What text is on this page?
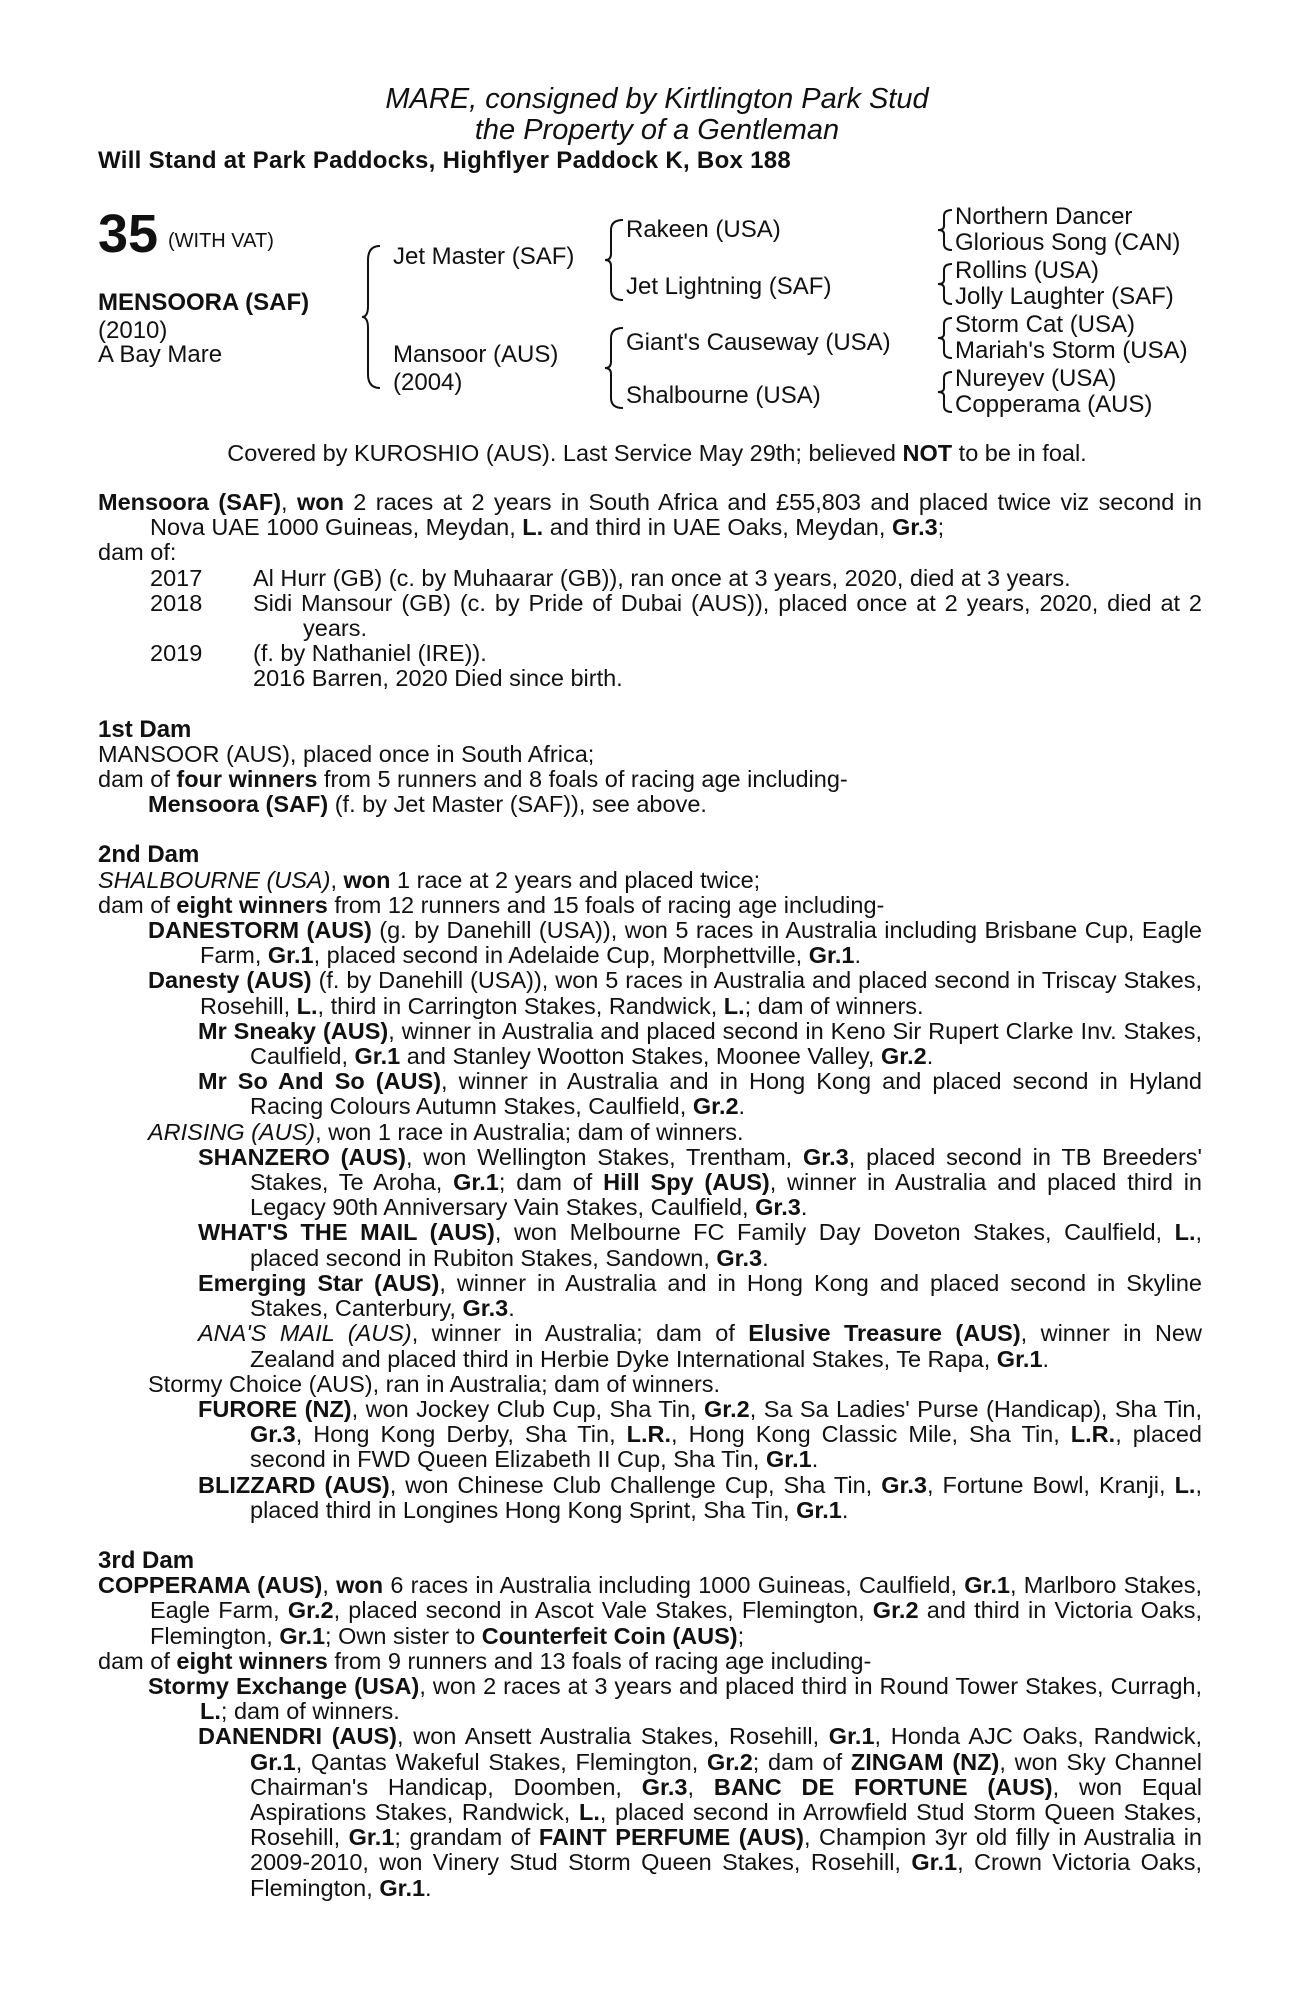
MARE, consigned by Kirtlington Park Stud
the Property of a Gentleman
Will Stand at Park Paddocks, Highflyer Paddock K, Box 188
35 (WITH VAT)
MENSOORA (SAF)
(2010)
A Bay Mare
Jet Master (SAF)
Mansoor (AUS)
(2004)
Rakeen (USA)
Jet Lightning (SAF)
Giant's Causeway (USA)
Shalbourne (USA)
Northern Dancer
Glorious Song (CAN)
Rollins (USA)
Jolly Laughter (SAF)
Storm Cat (USA)
Mariah's Storm (USA)
Nureyev (USA)
Copperama (AUS)
Covered by KUROSHIO (AUS). Last Service May 29th; believed NOT to be in foal.

Mensoora (SAF), won 2 races at 2 years in South Africa and £55,803 and placed twice viz second in Nova UAE 1000 Guineas, Meydan, L. and third in UAE Oaks, Meydan, Gr.3;

dam of:

2017	Al Hurr (GB) (c. by Muhaarar (GB)), ran once at 3 years, 2020, died at 3 years.
2018	Sidi Mansour (GB) (c. by Pride of Dubai (AUS)), placed once at 2 years, 2020, died at 2 years.
2019	(f. by Nathaniel (IRE)).
2016 Barren, 2020 Died since birth.

1st Dam

MANSOOR (AUS), placed once in South Africa;

dam of four winners from 5 runners and 8 foals of racing age including-

Mensoora (SAF) (f. by Jet Master (SAF)), see above.

2nd Dam

SHALBOURNE (USA), won 1 race at 2 years and placed twice;

dam of eight winners from 12 runners and 15 foals of racing age including-

DANESTORM (AUS) (g. by Danehill (USA)), won 5 races in Australia including Brisbane Cup, Eagle Farm, Gr.1, placed second in Adelaide Cup, Morphettville, Gr.1.

Danesty (AUS) (f. by Danehill (USA)), won 5 races in Australia and placed second in Triscay Stakes, Rosehill, L., third in Carrington Stakes, Randwick, L.; dam of winners.

Mr Sneaky (AUS), winner in Australia and placed second in Keno Sir Rupert Clarke Inv. Stakes, Caulfield, Gr.1 and Stanley Wootton Stakes, Moonee Valley, Gr.2.

Mr So And So (AUS), winner in Australia and in Hong Kong and placed second in Hyland Racing Colours Autumn Stakes, Caulfield, Gr.2.

ARISING (AUS), won 1 race in Australia; dam of winners.

SHANZERO (AUS), won Wellington Stakes, Trentham, Gr.3, placed second in TB Breeders' Stakes, Te Aroha, Gr.1; dam of Hill Spy (AUS), winner in Australia and placed third in Legacy 90th Anniversary Vain Stakes, Caulfield, Gr.3.

WHAT'S THE MAIL (AUS), won Melbourne FC Family Day Doveton Stakes, Caulfield, L., placed second in Rubiton Stakes, Sandown, Gr.3.

Emerging Star (AUS), winner in Australia and in Hong Kong and placed second in Skyline Stakes, Canterbury, Gr.3.

ANA'S MAIL (AUS), winner in Australia; dam of Elusive Treasure (AUS), winner in New Zealand and placed third in Herbie Dyke International Stakes, Te Rapa, Gr.1.

Stormy Choice (AUS), ran in Australia; dam of winners.

FURORE (NZ), won Jockey Club Cup, Sha Tin, Gr.2, Sa Sa Ladies' Purse (Handicap), Sha Tin, Gr.3, Hong Kong Derby, Sha Tin, L.R., Hong Kong Classic Mile, Sha Tin, L.R., placed second in FWD Queen Elizabeth II Cup, Sha Tin, Gr.1.

BLIZZARD (AUS), won Chinese Club Challenge Cup, Sha Tin, Gr.3, Fortune Bowl, Kranji, L., placed third in Longines Hong Kong Sprint, Sha Tin, Gr.1.

3rd Dam

COPPERAMA (AUS), won 6 races in Australia including 1000 Guineas, Caulfield, Gr.1, Marlboro Stakes, Eagle Farm, Gr.2, placed second in Ascot Vale Stakes, Flemington, Gr.2 and third in Victoria Oaks, Flemington, Gr.1; Own sister to Counterfeit Coin (AUS);

dam of eight winners from 9 runners and 13 foals of racing age including-

Stormy Exchange (USA), won 2 races at 3 years and placed third in Round Tower Stakes, Curragh, L.; dam of winners.

DANENDRI (AUS), won Ansett Australia Stakes, Rosehill, Gr.1, Honda AJC Oaks, Randwick, Gr.1, Qantas Wakeful Stakes, Flemington, Gr.2; dam of ZINGAM (NZ), won Sky Channel Chairman's Handicap, Doomben, Gr.3, BANC DE FORTUNE (AUS), won Equal Aspirations Stakes, Randwick, L., placed second in Arrowfield Stud Storm Queen Stakes, Rosehill, Gr.1; grandam of FAINT PERFUME (AUS), Champion 3yr old filly in Australia in 2009-2010, won Vinery Stud Storm Queen Stakes, Rosehill, Gr.1, Crown Victoria Oaks, Flemington, Gr.1.
